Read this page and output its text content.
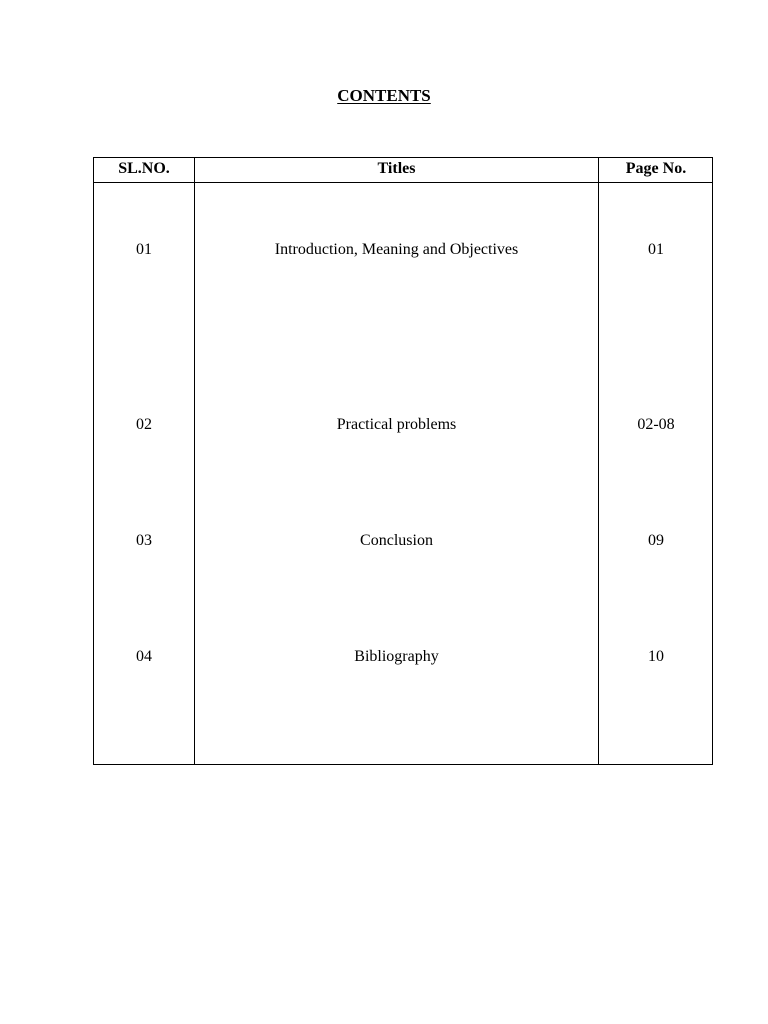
CONTENTS
SL.NO.	Titles	Page No.
01	Introduction, Meaning and Objectives	01
02	Practical problems	02-08
03	Conclusion	09
04	Bibliography	10
